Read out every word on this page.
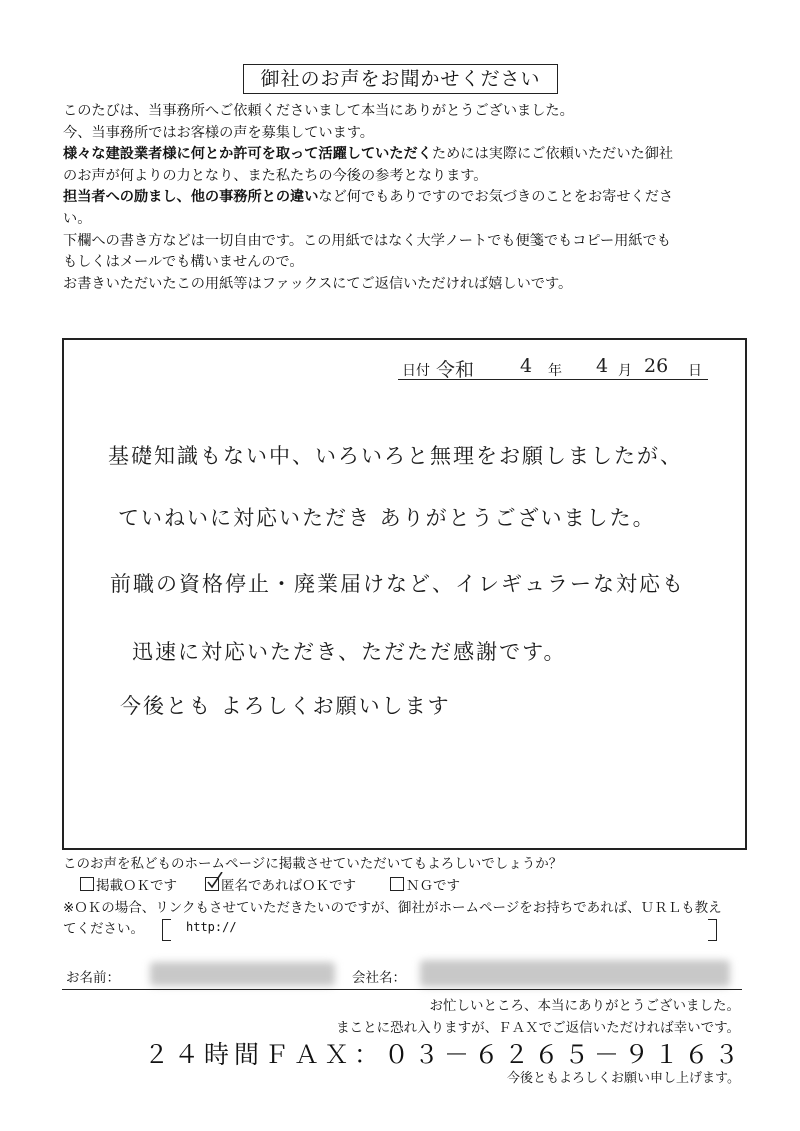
御社のお声をお聞かせください

このたびは、当事務所へご依頼くださいまして本当にありがとうございました。

今、当事務所ではお客様の声を募集しています。

様々な建設業者様に何とか許可を取って活躍していただくためには実際にご依頼いただいた御社

のお声が何よりの力となり、また私たちの今後の参考となります。

担当者への励まし、他の事務所との違いなど何でもありですのでお気づきのことをお寄せくださ

い。

下欄への書き方などは一切自由です。この用紙ではなく大学ノートでも便箋でもコピー用紙でも

もしくはメールでも構いませんので。

お書きいただいたこの用紙等はファックスにてご返信いただければ嬉しいです。

日付 令和 4 年 4 月 26 日
基礎知識もない中、いろいろと無理をお願しましたが、
ていねいに対応いただき ありがとうございました。
前職の資格停止・廃業届けなど、イレギュラーな対応も
迅速に対応いただき、ただただ感謝です。
今後とも よろしくお願いします
このお声を私どものホームページに掲載させていただいてもよろしいでしょうか？
掲載ＯＫです	匿名であればＯＫです	ＮＧです
※ＯＫの場合、リンクもさせていただきたいのですが、御社がホームページをお持ちであれば、ＵＲＬも教え
てください。	http://
お名前：	会社名：
お忙しいところ、本当にありがとうございました。
まことに恐れ入りますが、ＦＡＸでご返信いただければ幸いです。
２４時間ＦＡＸ：０３－６２６５－９１６３
今後ともよろしくお願い申し上げます。
